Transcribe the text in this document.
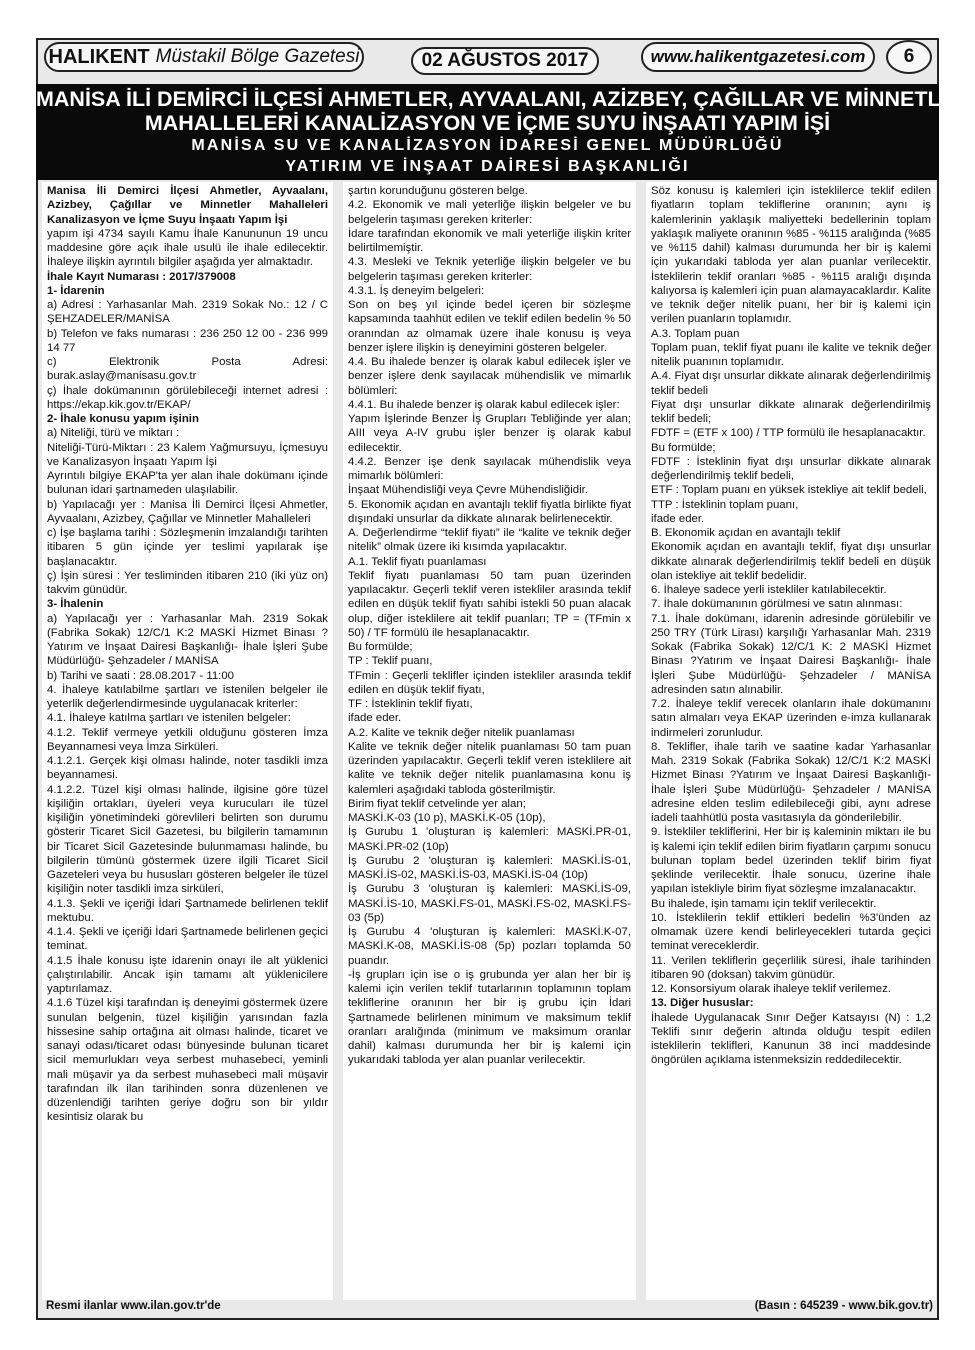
HALIKENT Müstakil Bölge Gazetesi	02 AĞUSTOS 2017	www.halikentgazetesi.com	6
MANİSA İLİ DEMİRCİ İLÇESİ AHMETLER, AYVAALANI, AZİZBEY, ÇAĞILLAR VE MİNNETLER
MAHALLELERİ KANALİZASYON VE İÇME SUYU İNŞAATI YAPIM İŞİ
MANİSA SU VE KANALİZASYON İDARESİ GENEL MÜDÜRLÜĞÜ
YATIRIM VE İNŞAAT DAİRESİ BAŞKANLIĞI

Manisa İli Demirci İlçesi Ahmetler, Ayvaalanı, Azizbey, Çağıllar ve Minnetler Mahalleleri Kanalizasyon ve İçme Suyu İnşaatı Yapım İşi

yapım işi 4734 sayılı Kamu İhale Kanununun 19 uncu maddesine göre açık ihale usulü ile ihale edilecektir. İhaleye ilişkin ayrıntılı bilgiler aşağıda yer almaktadır.

İhale Kayıt Numarası : 2017/379008

1- İdarenin

a) Adresi : Yarhasanlar Mah. 2319 Sokak No.: 12 / C ŞEHZADELER/MANİSA

b) Telefon ve faks numarası : 236 250 12 00 - 236 999 14 77

c) Elektronik Posta Adresi: burak.aslay@manisasu.gov.tr

ç) İhale dokümanının görülebileceği internet adresi : https://ekap.kik.gov.tr/EKAP/

2- İhale konusu yapım işinin

a) Niteliği, türü ve miktarı :

Niteliği-Türü-Miktarı : 23 Kalem Yağmursuyu, İçmesuyu ve Kanalizasyon İnşaatı Yapım İşi

Ayrıntılı bilgiye EKAP'ta yer alan ihale dokümanı içinde bulunan idari şartnameden ulaşılabilir.

b) Yapılacağı yer : Manisa İli Demirci İlçesi Ahmetler, Ayvaalanı, Azizbey, Çağıllar ve Minnetler Mahalleleri

c) İşe başlama tarihi : Sözleşmenin imzalandığı tarihten itibaren 5 gün içinde yer teslimi yapılarak işe başlanacaktır.

ç) İşin süresi : Yer tesliminden itibaren 210 (iki yüz on) takvim günüdür.

3- İhalenin

a) Yapılacağı yer : Yarhasanlar Mah. 2319 Sokak (Fabrika Sokak) 12/C/1 K:2 MASKİ Hizmet Binası ?Yatırım ve İnşaat Dairesi Başkanlığı- İhale İşleri Şube Müdürlüğü- Şehzadeler / MANİSA

b) Tarihi ve saati : 28.08.2017 - 11:00

4. İhaleye katılabilme şartları ve istenilen belgeler ile yeterlik değerlendirmesinde uygulanacak kriterler:

4.1. İhaleye katılma şartları ve istenilen belgeler:

4.1.2. Teklif vermeye yetkili olduğunu gösteren İmza Beyannamesi veya İmza Sirküleri.

4.1.2.1. Gerçek kişi olması halinde, noter tasdikli imza beyannamesi.

4.1.2.2. Tüzel kişi olması halinde, ilgisine göre tüzel kişiliğin ortakları, üyeleri veya kurucuları ile tüzel kişiliğin yönetimindeki görevlileri belirten son durumu gösterir Ticaret Sicil Gazetesi, bu bilgilerin tamamının bir Ticaret Sicil Gazetesinde bulunmaması halinde, bu bilgilerin tümünü göstermek üzere ilgili Ticaret Sicil Gazeteleri veya bu hususları gösteren belgeler ile tüzel kişiliğin noter tasdikli imza sirküleri,

4.1.3. Şekli ve içeriği İdari Şartnamede belirlenen teklif mektubu.

4.1.4. Şekli ve içeriği İdari Şartnamede belirlenen geçici teminat.

4.1.5 İhale konusu işte idarenin onayı ile alt yüklenici çalıştırılabilir. Ancak işin tamamı alt yüklenicilere yaptırılamaz.

4.1.6 Tüzel kişi tarafından iş deneyimi göstermek üzere sunulan belgenin, tüzel kişiliğin yarısından fazla hissesine sahip ortağına ait olması halinde, ticaret ve sanayi odası/ticaret odası bünyesinde bulunan ticaret sicil memurlukları veya serbest muhasebeci, yeminli mali müşavir ya da serbest muhasebeci mali müşavir tarafından ilk ilan tarihinden sonra düzenlenen ve düzenlendiği tarihten geriye doğru son bir yıldır kesintisiz olarak bu

şartın korunduğunu gösteren belge.

4.2. Ekonomik ve mali yeterliğe ilişkin belgeler ve bu belgelerin taşıması gereken kriterler:

İdare tarafından ekonomik ve mali yeterliğe ilişkin kriter belirtilmemiştir.

4.3. Mesleki ve Teknik yeterliğe ilişkin belgeler ve bu belgelerin taşıması gereken kriterler:

4.3.1. İş deneyim belgeleri:

Son on beş yıl içinde bedel içeren bir sözleşme kapsamında taahhüt edilen ve teklif edilen bedelin % 50 oranından az olmamak üzere ihale konusu iş veya benzer işlere ilişkin iş deneyimini gösteren belgeler.

4.4. Bu ihalede benzer iş olarak kabul edilecek işler ve benzer işlere denk sayılacak mühendislik ve mimarlık bölümleri:

4.4.1. Bu ihalede benzer iş olarak kabul edilecek işler:

Yapım İşlerinde Benzer İş Grupları Tebliğinde yer alan; AIII veya A-IV grubu işler benzer iş olarak kabul edilecektir.

4.4.2. Benzer işe denk sayılacak mühendislik veya mimarlık bölümleri:

İnşaat Mühendisliği veya Çevre Mühendisliğidir.

5. Ekonomik açıdan en avantajlı teklif fiyatla birlikte fiyat dışındaki unsurlar da dikkate alınarak belirlenecektir.

A. Değerlendirme “teklif fiyatı” ile “kalite ve teknik değer nitelik” olmak üzere iki kısımda yapılacaktır.

A.1. Teklif fiyatı puanlaması

Teklif fiyatı puanlaması 50 tam puan üzerinden yapılacaktır. Geçerli teklif veren istekliler arasında teklif edilen en düşük teklif fiyatı sahibi istekli 50 puan alacak olup, diğer isteklilere ait teklif puanları; TP = (TFmin x 50) / TF formülü ile hesaplanacaktır.

Bu formülde;

TP : Teklif puanı,

TFmin : Geçerli teklifler içinden istekliler arasında teklif edilen en düşük teklif fiyatı,

TF : İsteklinin teklif fiyatı,

ifade eder.

A.2. Kalite ve teknik değer nitelik puanlaması

Kalite ve teknik değer nitelik puanlaması 50 tam puan üzerinden yapılacaktır. Geçerli teklif veren isteklilere ait kalite ve teknik değer nitelik puanlamasına konu iş kalemleri aşağıdaki tabloda gösterilmiştir.

Birim fiyat teklif cetvelinde yer alan;

MASKİ.K-03 (10 p), MASKİ.K-05 (10p),

İş Gurubu 1 'oluşturan iş kalemleri: MASKİ.PR-01, MASKİ.PR-02 (10p)

İş Gurubu 2 'oluşturan iş kalemleri: MASKİ.İS-01, MASKİ.İS-02, MASKİ.İS-03, MASKİ.İS-04 (10p)

İş Gurubu 3 'oluşturan iş kalemleri: MASKİ.İS-09, MASKİ.İS-10, MASKİ.FS-01, MASKİ.FS-02, MASKİ.FS-03 (5p)

İş Gurubu 4 'oluşturan iş kalemleri: MASKİ.K-07, MASKİ.K-08, MASKİ.İS-08 (5p) pozları toplamda 50 puandır.

-İş grupları için ise o iş grubunda yer alan her bir iş kalemi için verilen teklif tutarlarının toplamının toplam tekliflerine oranının her bir iş grubu için İdari Şartnamede belirlenen minimum ve maksimum teklif oranları aralığında (minimum ve maksimum oranlar dahil) kalması durumunda her bir iş kalemi için yukarıdaki tabloda yer alan puanlar verilecektir.

Söz konusu iş kalemleri için isteklilerce teklif edilen fiyatların toplam tekliflerine oranının; aynı iş kalemlerinin yaklaşık maliyetteki bedellerinin toplam yaklaşık maliyete oranının %85 - %115 aralığında (%85 ve %115 dahil) kalması durumunda her bir iş kalemi için yukarıdaki tabloda yer alan puanlar verilecektir. İsteklilerin teklif oranları %85 - %115 aralığı dışında kalıyorsa iş kalemleri için puan alamayacaklardır. Kalite ve teknik değer nitelik puanı, her bir iş kalemi için verilen puanların toplamıdır.

A.3. Toplam puan

Toplam puan, teklif fiyat puanı ile kalite ve teknik değer nitelik puanının toplamıdır.

A.4. Fiyat dışı unsurlar dikkate alınarak değerlendirilmiş teklif bedeli

Fiyat dışı unsurlar dikkate alınarak değerlendirilmiş teklif bedeli;

FDTF = (ETF x 100) / TTP formülü ile hesaplanacaktır.

Bu formülde;

FDTF : İsteklinin fiyat dışı unsurlar dikkate alınarak değerlendirilmiş teklif bedeli,

ETF : Toplam puanı en yüksek istekliye ait teklif bedeli,

TTP : İsteklinin toplam puanı,

ifade eder.

B. Ekonomik açıdan en avantajlı teklif

Ekonomik açıdan en avantajlı teklif, fiyat dışı unsurlar dikkate alınarak değerlendirilmiş teklif bedeli en düşük olan istekliye ait teklif bedelidir.

6. İhaleye sadece yerli istekliler katılabilecektir.

7. İhale dokümanının görülmesi ve satın alınması:

7.1. İhale dokümanı, idarenin adresinde görülebilir ve 250 TRY (Türk Lirası) karşılığı Yarhasanlar Mah. 2319 Sokak (Fabrika Sokak) 12/C/1 K: 2 MASKİ Hizmet Binası ?Yatırım ve İnşaat Dairesi Başkanlığı- İhale İşleri Şube Müdürlüğü- Şehzadeler / MANİSA adresinden satın alınabilir.

7.2. İhaleye teklif verecek olanların ihale dokümanını satın almaları veya EKAP üzerinden e-imza kullanarak indirmeleri zorunludur.

8. Teklifler, ihale tarih ve saatine kadar Yarhasanlar Mah. 2319 Sokak (Fabrika Sokak) 12/C/1 K:2 MASKİ Hizmet Binası ?Yatırım ve İnşaat Dairesi Başkanlığı- İhale İşleri Şube Müdürlüğü- Şehzadeler / MANİSA adresine elden teslim edilebileceği gibi, aynı adrese iadeli taahhütlü posta vasıtasıyla da gönderilebilir.

9. İstekliler tekliflerini, Her bir iş kaleminin miktarı ile bu iş kalemi için teklif edilen birim fiyatların çarpımı sonucu bulunan toplam bedel üzerinden teklif birim fiyat şeklinde verilecektir. İhale sonucu, üzerine ihale yapılan istekliyle birim fiyat sözleşme imzalanacaktır.

Bu ihalede, işin tamamı için teklif verilecektir.

10. İsteklilerin teklif ettikleri bedelin %3'ünden az olmamak üzere kendi belirleyecekleri tutarda geçici teminat vereceklerdir.

11. Verilen tekliflerin geçerlilik süresi, ihale tarihinden itibaren 90 (doksan) takvim günüdür.

12. Konsorsiyum olarak ihaleye teklif verilemez.

13. Diğer hususlar:

İhalede Uygulanacak Sınır Değer Katsayısı (N) : 1,2 Teklifi sınır değerin altında olduğu tespit edilen isteklilerin teklifleri, Kanunun 38 inci maddesinde öngörülen açıklama istenmeksizin reddedilecektir.

Resmi ilanlar www.ilan.gov.tr'de	(Basın : 645239 - www.bik.gov.tr)
